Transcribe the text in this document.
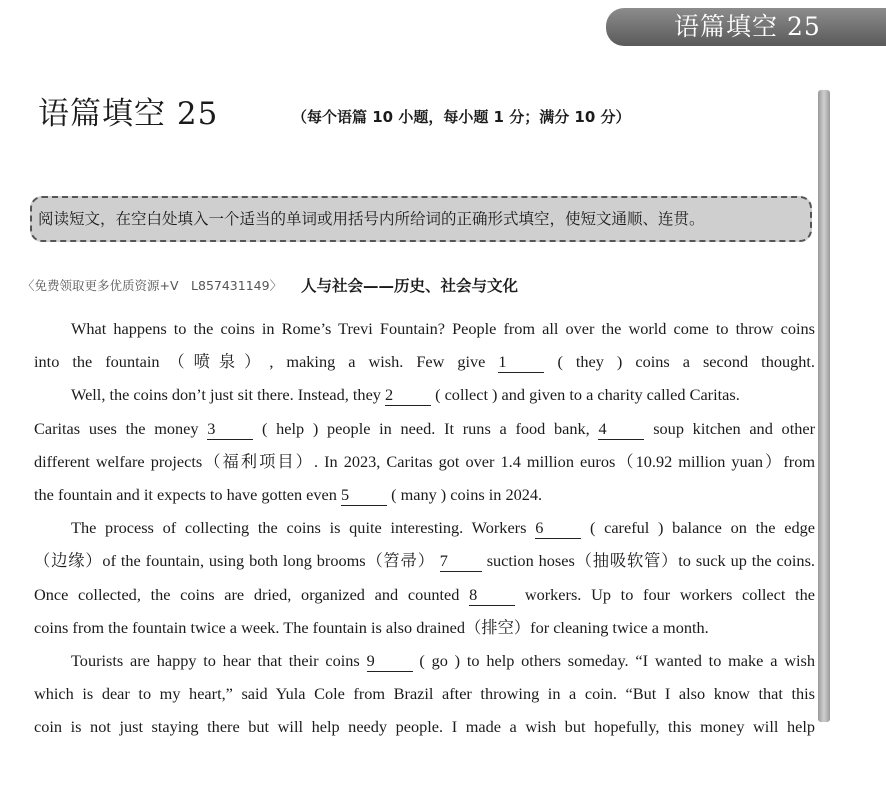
语篇填空 25
语篇填空 25	（每个语篇 10 小题，每小题 1 分；满分 10 分）
阅读短文，在空白处填入一个适当的单词或用括号内所给词的正确形式填空，使短文通顺、连贯。
〈免费领取更多优质资源+V　L857431149〉 人与社会——历史、社会与文化
What happens to the coins in Rome’s Trevi Fountain? People from all over the world come to throw coins
into the fountain（喷泉）, making a wish. Few give 1	( they ) coins a second thought.
Well, the coins don’t just sit there. Instead, they 2	( collect ) and given to a charity called Caritas.
Caritas uses the money 3	( help ) people in need. It runs a food bank, 4	soup kitchen and other
different welfare projects（福利项目）. In 2023, Caritas got over 1.4 million euros（10.92 million yuan）from
the fountain and it expects to have gotten even 5	( many ) coins in 2024.
The process of collecting the coins is quite interesting. Workers 6	( careful ) balance on the edge
（边缘）of the fountain, using both long brooms（笤帚） 7 suction hoses（抽吸软管）to suck up the coins.
Once collected, the coins are dried, organized and counted 8	workers. Up to four workers collect the
coins from the fountain twice a week. The fountain is also drained（排空）for cleaning twice a month.
Tourists are happy to hear that their coins 9	( go ) to help others someday. “I wanted to make a wish
which is dear to my heart,” said Yula Cole from Brazil after throwing in a coin. “But I also know that this
coin is not just staying there but will help needy people. I made a wish but hopefully, this money will help
